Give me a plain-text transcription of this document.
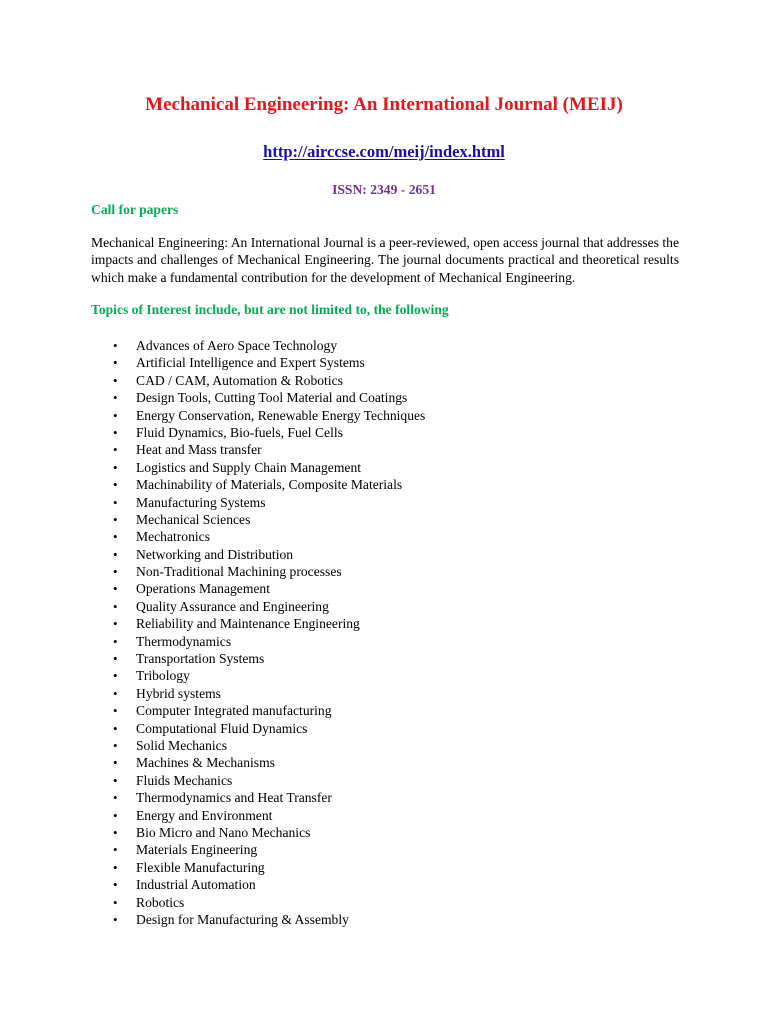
Mechanical Engineering: An International Journal (MEIJ)
http://airccse.com/meij/index.html
ISSN: 2349 - 2651
Call for papers

Mechanical Engineering: An International Journal is a peer-reviewed, open access journal that addresses the impacts and challenges of Mechanical Engineering. The journal documents practical and theoretical results which make a fundamental contribution for the development of Mechanical Engineering.

Topics of Interest include, but are not limited to, the following
• Advances of Aero Space Technology
• Artificial Intelligence and Expert Systems
• CAD / CAM, Automation & Robotics
• Design Tools, Cutting Tool Material and Coatings
• Energy Conservation, Renewable Energy Techniques
• Fluid Dynamics, Bio-fuels, Fuel Cells
• Heat and Mass transfer
• Logistics and Supply Chain Management
• Machinability of Materials, Composite Materials
• Manufacturing Systems
• Mechanical Sciences
• Mechatronics
• Networking and Distribution
• Non-Traditional Machining processes
• Operations Management
• Quality Assurance and Engineering
• Reliability and Maintenance Engineering
• Thermodynamics
• Transportation Systems
• Tribology
• Hybrid systems
• Computer Integrated manufacturing
• Computational Fluid Dynamics
• Solid Mechanics
• Machines & Mechanisms
• Fluids Mechanics
• Thermodynamics and Heat Transfer
• Energy and Environment
• Bio Micro and Nano Mechanics
• Materials Engineering
• Flexible Manufacturing
• Industrial Automation
• Robotics
• Design for Manufacturing & Assembly
